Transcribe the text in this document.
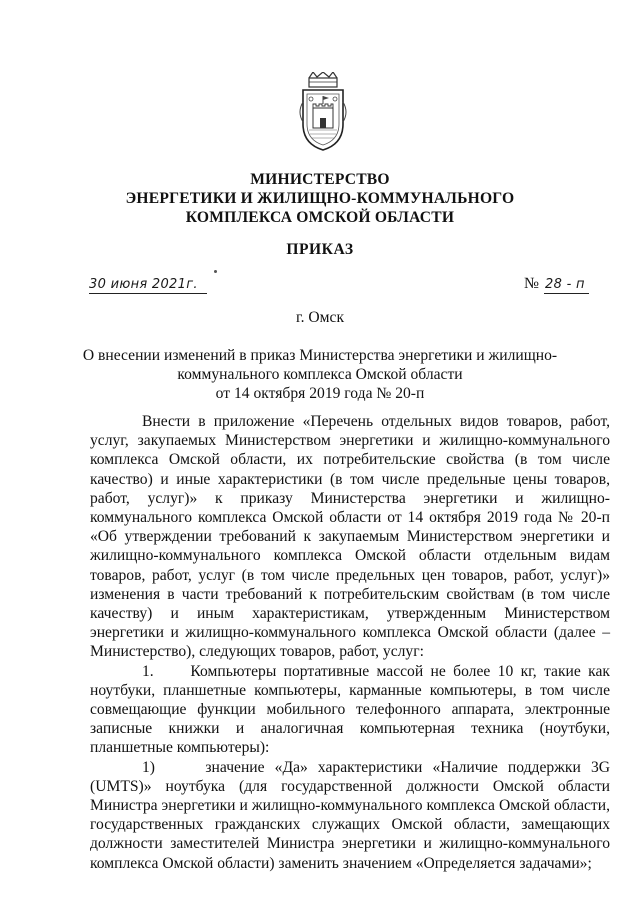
МИНИСТЕРСТВО
ЭНЕРГЕТИКИ И ЖИЛИЩНО-КОММУНАЛЬНОГО
КОМПЛЕКСА ОМСКОЙ ОБЛАСТИ
ПРИКАЗ
30 июня 2021г.	№ 28 - п
г. Омск
О внесении изменений в приказ Министерства энергетики и жилищно-
коммунального комплекса Омской области
от 14 октября 2019 года № 20-п

Внести в приложение «Перечень отдельных видов товаров, работ, услуг, закупаемых Министерством энергетики и жилищно-коммунального комплекса Омской области, их потребительские свойства (в том числе качество) и иные характеристики (в том числе предельные цены товаров, работ, услуг)» к приказу Министерства энергетики и жилищно-коммунального комплекса Омской области от 14 октября 2019 года № 20-п «Об утверждении требований к закупаемым Министерством энергетики и жилищно-коммунального комплекса Омской области отдельным видам товаров, работ, услуг (в том числе предельных цен товаров, работ, услуг)» изменения в части требований к потребительским свойствам (в том числе качеству) и иным характеристикам, утвержденным Министерством энергетики и жилищно-коммунального комплекса Омской области (далее – Министерство), следующих товаров, работ, услуг:

1.     Компьютеры портативные массой не более 10 кг, такие как ноутбуки, планшетные компьютеры, карманные компьютеры, в том числе совмещающие функции мобильного телефонного аппарата, электронные записные книжки и аналогичная компьютерная техника (ноутбуки, планшетные компьютеры):

1)     значение «Да» характеристики «Наличие поддержки 3G (UMTS)» ноутбука (для государственной должности Омской области Министра энергетики и жилищно-коммунального комплекса Омской области, государственных гражданских служащих Омской области, замещающих должности заместителей Министра энергетики и жилищно-коммунального комплекса Омской области) заменить значением «Определяется задачами»;
